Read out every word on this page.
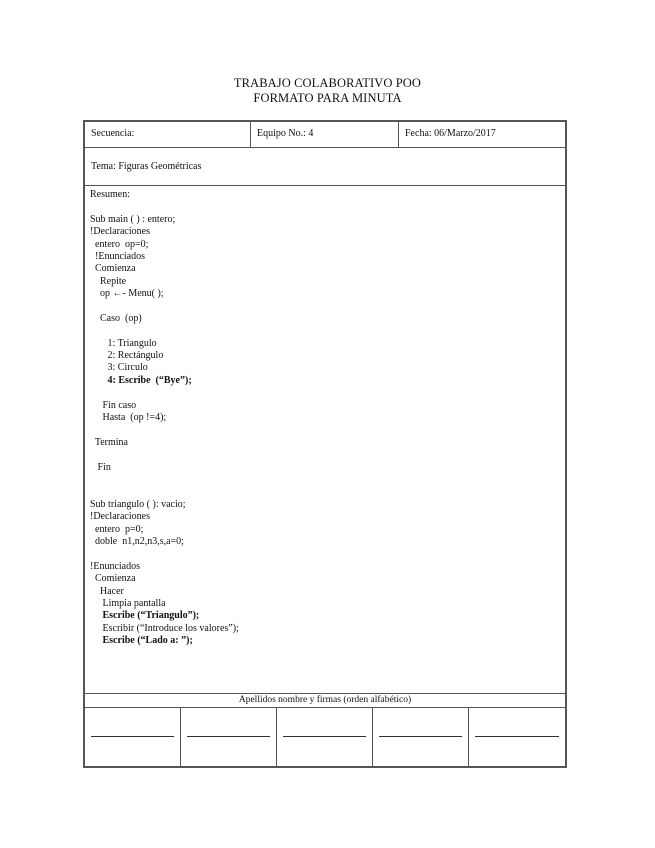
TRABAJO COLABORATIVO POO
FORMATO PARA MINUTA
Secuencia:	Equipo No.: 4	Fecha: 06/Marzo/2017
Tema: Figuras Geométricas
Resumen:
Sub main ( ) : entero;
!Declaraciones
entero  op=0;
!Enunciados
Comienza
Repite
op ←- Menu( );
Caso  (op)
1: Triangulo
2: Rectángulo
3: Circulo
4: Escribe  (“Bye”);
Fin caso
Hasta  (op !=4);
Termina
Fin
Sub triangulo ( ): vacio;
!Declaraciones
entero  p=0;
doble  n1,n2,n3,s,a=0;
!Enunciados
Comienza
Hacer
Limpia pantalla
Escribe (“Triangulo”);
Escribir (“Introduce los valores”);
Escribe (“Lado a: ”);
Apellidos nombre y firmas (orden alfabético)
